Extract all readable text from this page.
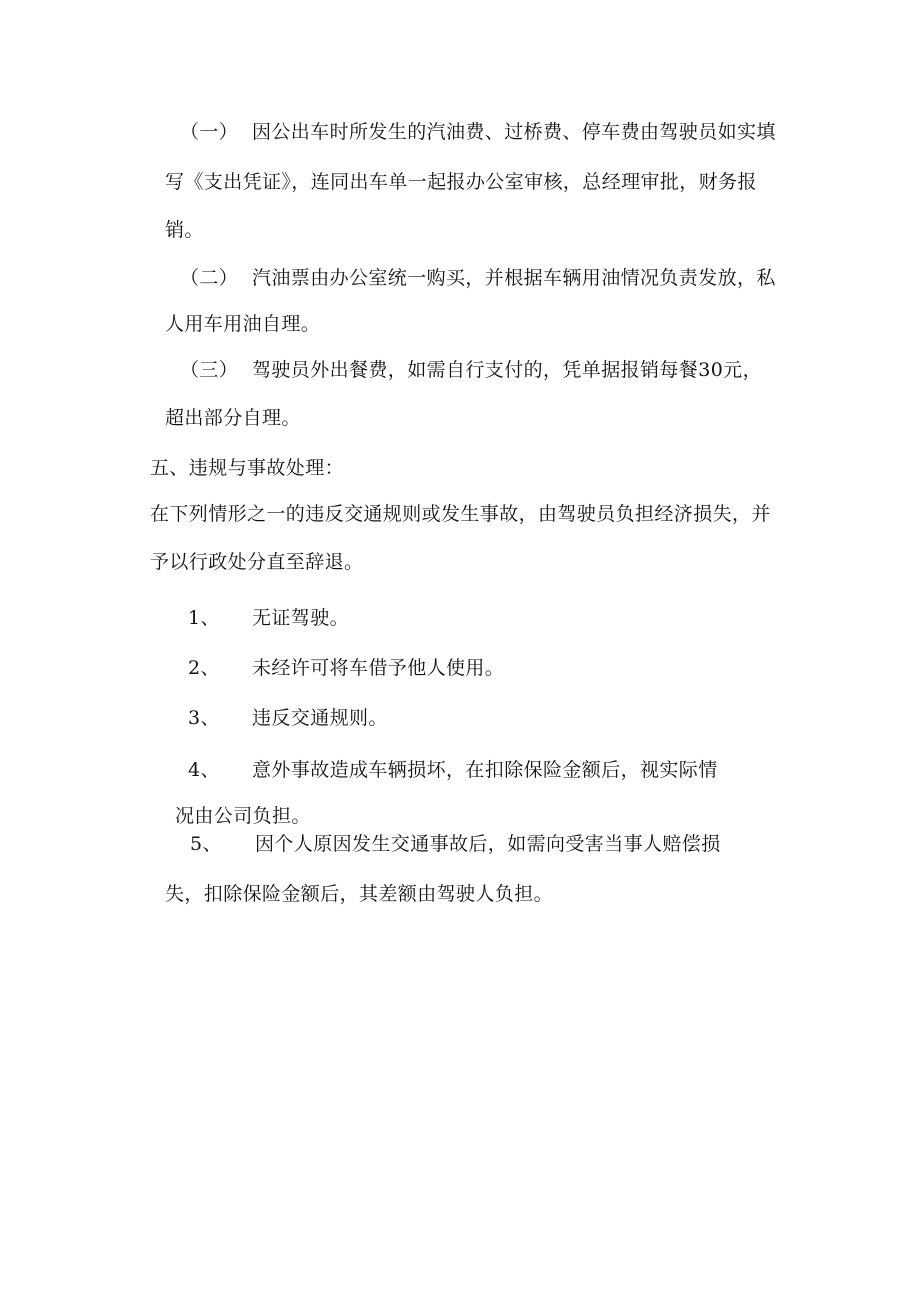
（一） 因公出车时所发生的汽油费、过桥费、停车费由驾驶员如实填
写《支出凭证》，连同出车单一起报办公室审核，总经理审批，财务报
销。
（二） 汽油票由办公室统一购买，并根据车辆用油情况负责发放，私
人用车用油自理。
（三） 驾驶员外出餐费，如需自行支付的，凭单据报销每餐30元，
超出部分自理。
五、违规与事故处理：
在下列情形之一的违反交通规则或发生事故，由驾驶员负担经济损失，并
予以行政处分直至辞退。
1、 无证驾驶。
2、 未经许可将车借予他人使用。
3、 违反交通规则。
4、 意外事故造成车辆损坏，在扣除保险金额后，视实际情
况由公司负担。
5、 因个人原因发生交通事故后，如需向受害当事人赔偿损
失，扣除保险金额后，其差额由驾驶人负担。
